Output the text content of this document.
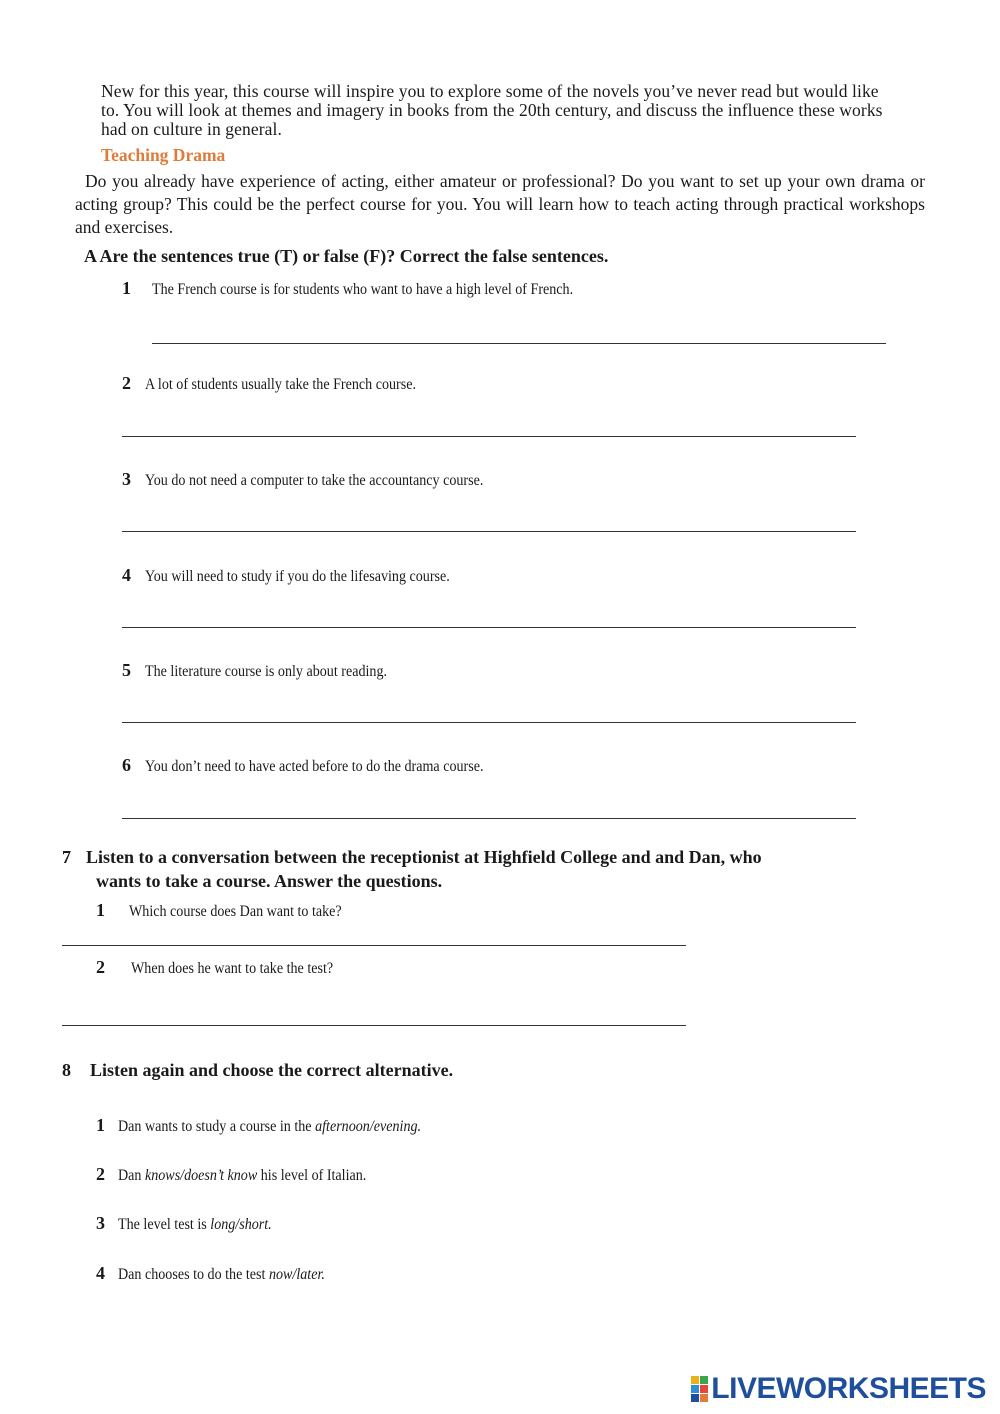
New for this year, this course will inspire you to explore some of the novels you’ve never read but would like to. You will look at themes and imagery in books from the 20th century, and discuss the influence these works had on culture in general.
Teaching Drama
Do you already have experience of acting, either amateur or professional? Do you want to set up your own drama or acting group? This could be the perfect course for you. You will learn how to teach acting through practical workshops and exercises.
A Are the sentences true (T) or false (F)? Correct the false sentences.
1 The French course is for students who want to have a high level of French.
2 A lot of students usually take the French course.
3 You do not need a computer to take the accountancy course.
4 You will need to study if you do the lifesaving course.
5 The literature course is only about reading.
6 You don’t need to have acted before to do the drama course.
7 Listen to a conversation between the receptionist at Highfield College and and Dan, who
wants to take a course. Answer the questions.
1 Which course does Dan want to take?
2 When does he want to take the test?
8 Listen again and choose the correct alternative.
1 Dan wants to study a course in the afternoon/evening.
2 Dan knows/doesn’t know his level of Italian.
3 The level test is long/short.
4 Dan chooses to do the test now/later.
LIVEWORKSHEETS
